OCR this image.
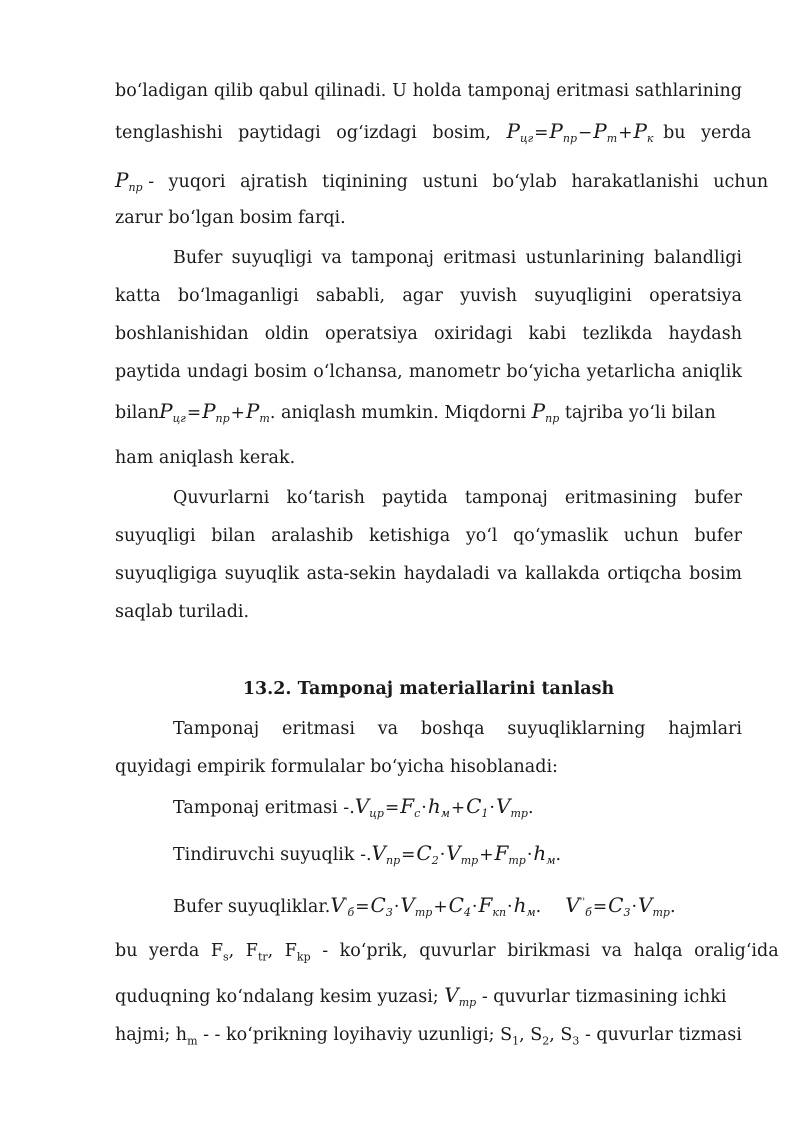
boʻladigan qilib qabul qilinadi. U holda tamponaj eritmasi sathlarining
tenglashishi paytidagi ogʻizdagi bosim, $P_{цг}=P_{пр}-P_т+P_к$ bu yerda
$P_{пр}$ - yuqori ajratish tiqinining ustuni boʻylab harakatlanishi uchun
zarur boʻlgan bosim farqi.
Bufer suyuqligi va tamponaj eritmasi ustunlarining balandligi
katta boʻlmaganligi sababli, agar yuvish suyuqligini operatsiya
boshlanishidan oldin operatsiya oxiridagi kabi tezlikda haydash
paytida undagi bosim oʻlchansa, manometr boʻyicha yetarlicha aniqlik
$bilanP_{цг}=P_{пр}+P_т$. aniqlash mumkin. Miqdorni $P_{пр}$ tajriba yoʻli bilan
ham aniqlash kerak.
Quvurlarni koʻtarish paytida tamponaj eritmasining bufer
suyuqligi bilan aralashib ketishiga yoʻl qoʻymaslik uchun bufer
suyuqligiga suyuqlik asta-sekin haydaladi va kallakda ortiqcha bosim
saqlab turiladi.
13.2. Tamponaj materiallarini tanlash
Tamponaj eritmasi va boshqa suyuqliklarning hajmlari
quyidagi empirik formulalar boʻyicha hisoblanadi:
Tamponaj eritmasi $-.V_{цр}=F_с\cdot h_м+C_1\cdot V_{тр}$.
Tindiruvchi suyuqlik $-.V_{пр}=C_2\cdot V_{тр}+F_{тр}\cdot h_м$.
Bufer $suyuqliklar.V'_б=C_3\cdot V_{тр}+C_4\cdot F_{кп}\cdot h_м$. $V''_б=C_3\cdot V_{тр}$.
bu yerda $F_s$, $F_{tr}$, $F_{kp}$ - koʻprik, quvurlar birikmasi va halqa oraligʻida
quduqning koʻndalang kesim yuzasi; $V_{тр}$ - quvurlar tizmasining ichki
hajmi; $h_m$ - - koʻprikning loyihaviy uzunligi; $S_1$, $S_2$, $S_3$ - quvurlar tizmasi
